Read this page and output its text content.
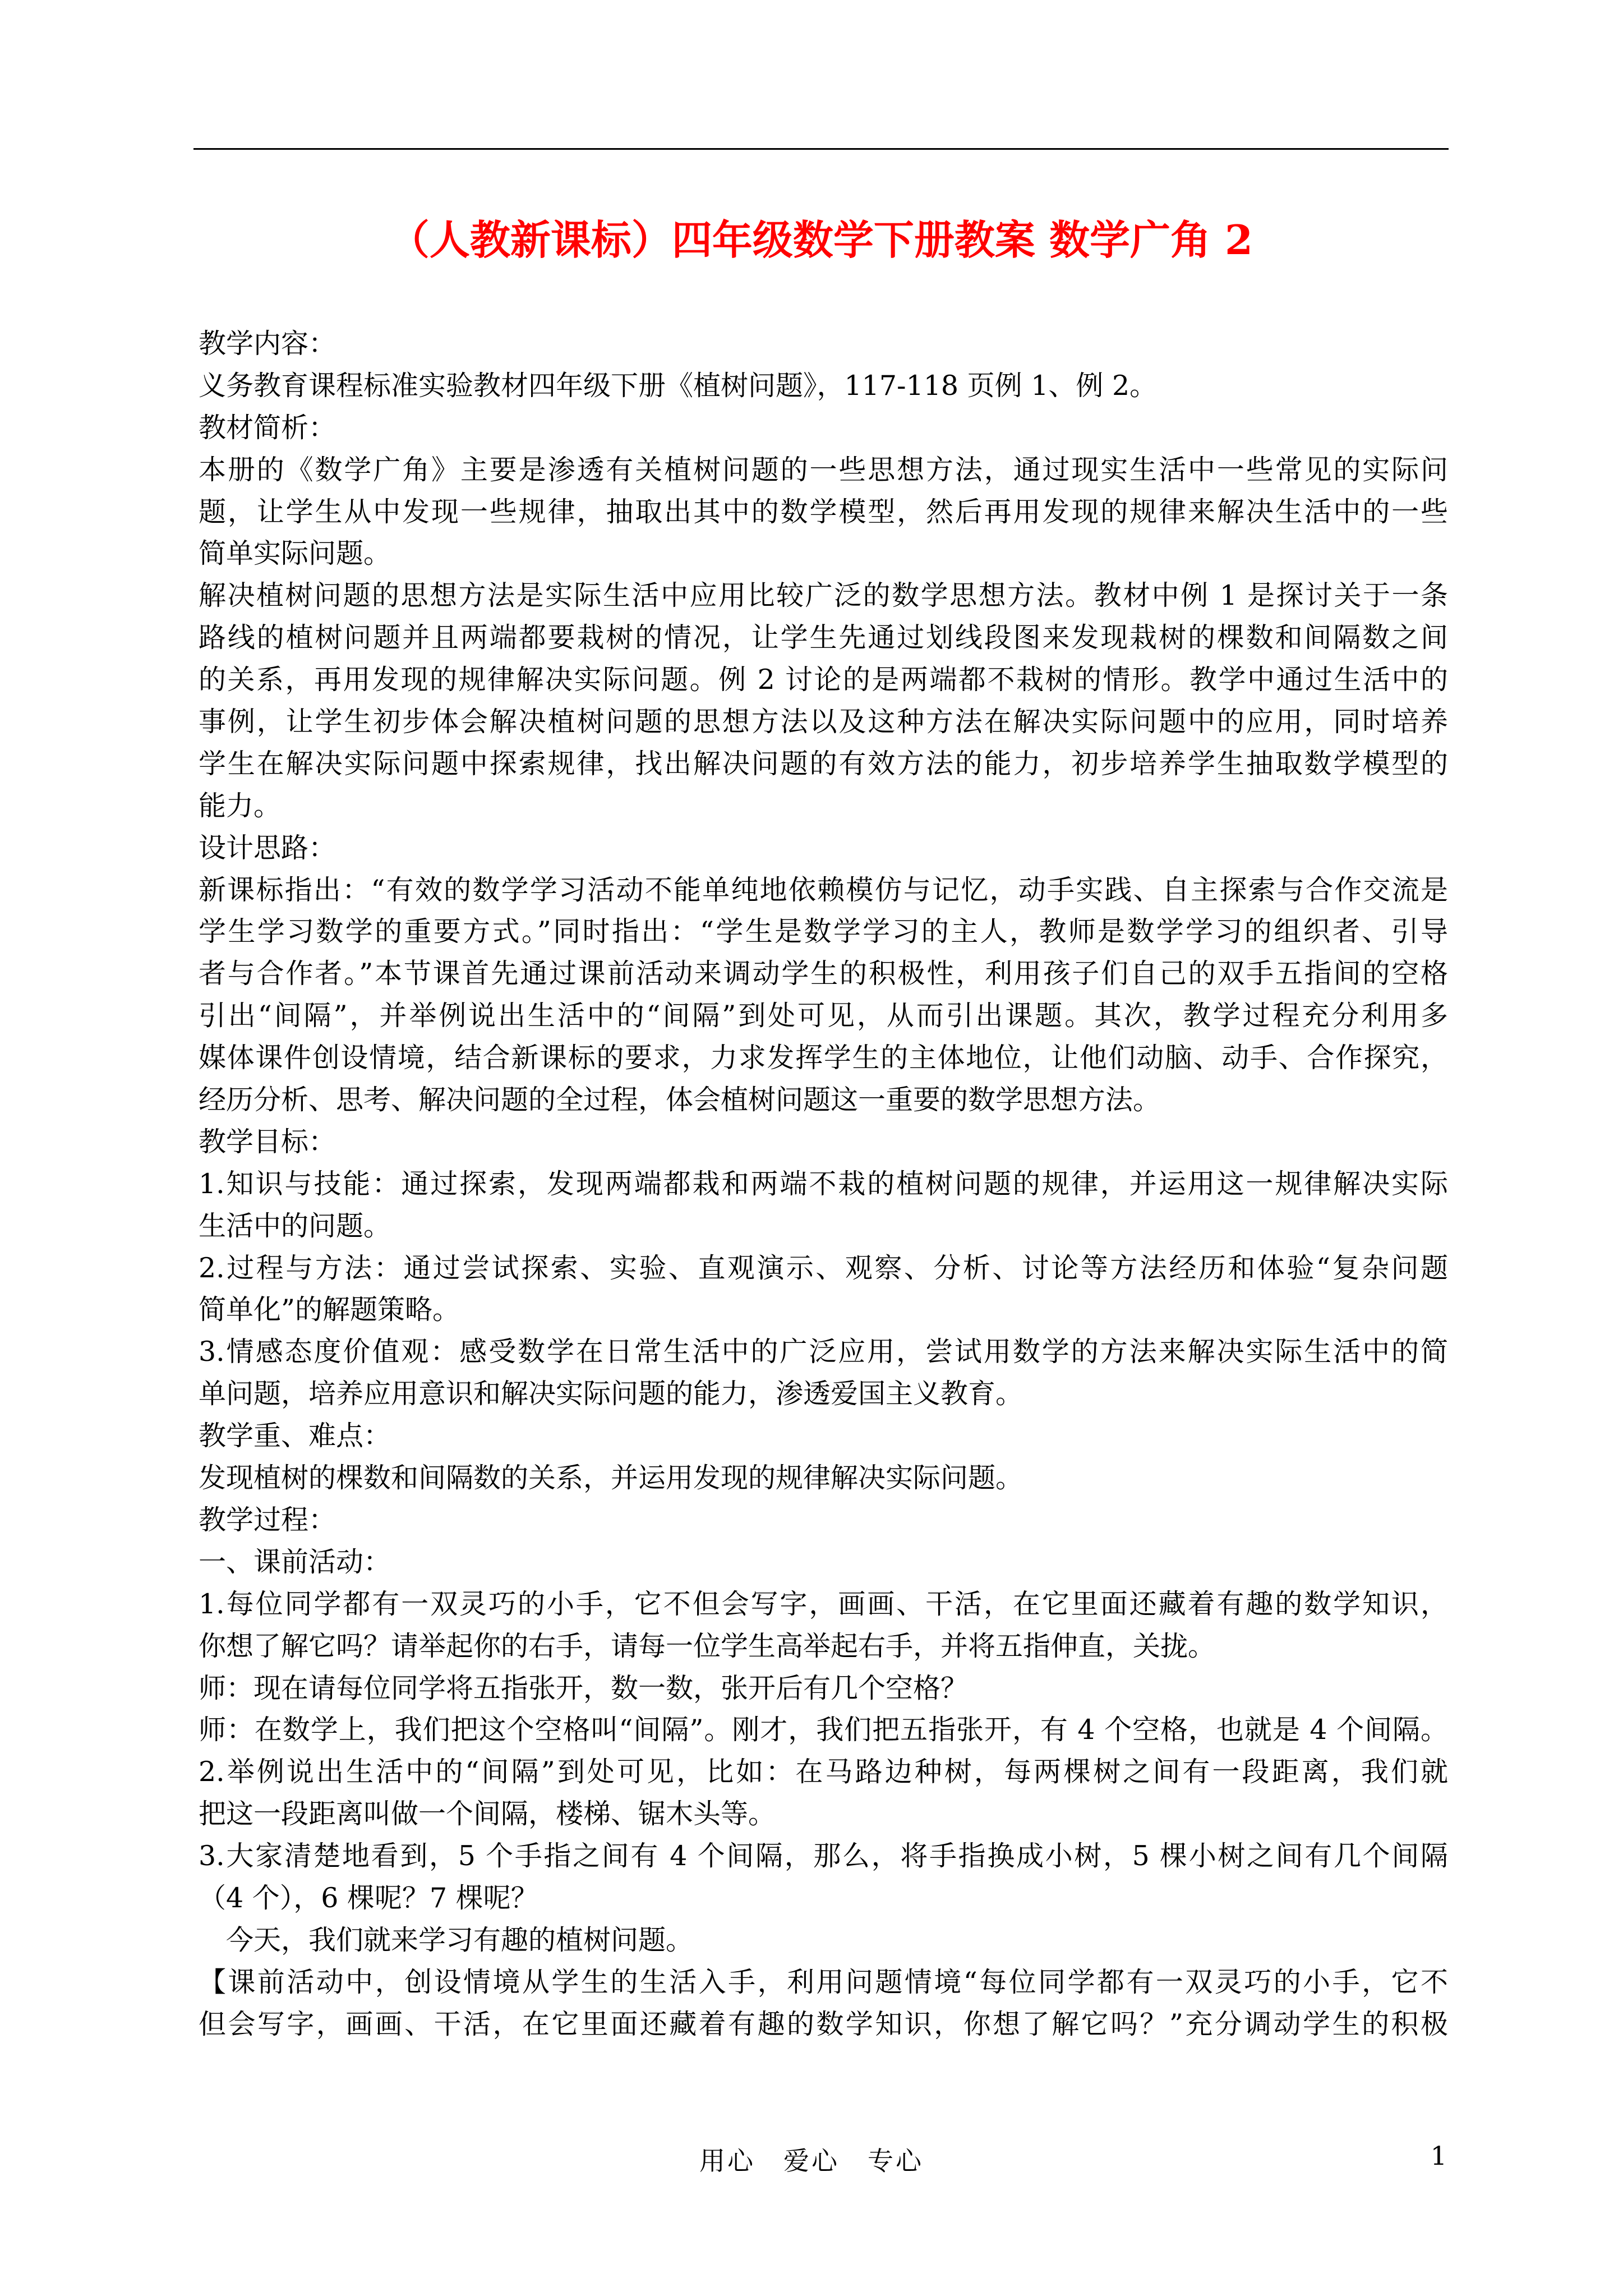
（人教新课标）四年级数学下册教案 数学广角 2
教学内容：
义务教育课程标准实验教材四年级下册《植树问题》，117-118 页例 1、例 2。
教材简析：
本册的《数学广角》主要是渗透有关植树问题的一些思想方法，通过现实生活中一些常见的实际问
题，让学生从中发现一些规律，抽取出其中的数学模型，然后再用发现的规律来解决生活中的一些
简单实际问题。
解决植树问题的思想方法是实际生活中应用比较广泛的数学思想方法。教材中例 1 是探讨关于一条
路线的植树问题并且两端都要栽树的情况，让学生先通过划线段图来发现栽树的棵数和间隔数之间
的关系，再用发现的规律解决实际问题。例 2 讨论的是两端都不栽树的情形。教学中通过生活中的
事例，让学生初步体会解决植树问题的思想方法以及这种方法在解决实际问题中的应用，同时培养
学生在解决实际问题中探索规律，找出解决问题的有效方法的能力，初步培养学生抽取数学模型的
能力。
设计思路：
新课标指出：“有效的数学学习活动不能单纯地依赖模仿与记忆，动手实践、自主探索与合作交流是
学生学习数学的重要方式。”同时指出：“学生是数学学习的主人，教师是数学学习的组织者、引导
者与合作者。”本节课首先通过课前活动来调动学生的积极性，利用孩子们自己的双手五指间的空格
引出“间隔”，并举例说出生活中的“间隔”到处可见，从而引出课题。其次，教学过程充分利用多
媒体课件创设情境，结合新课标的要求，力求发挥学生的主体地位，让他们动脑、动手、合作探究，
经历分析、思考、解决问题的全过程，体会植树问题这一重要的数学思想方法。
教学目标：
1.知识与技能：通过探索，发现两端都栽和两端不栽的植树问题的规律，并运用这一规律解决实际
生活中的问题。
2.过程与方法：通过尝试探索、实验、直观演示、观察、分析、讨论等方法经历和体验“复杂问题
简单化”的解题策略。
3.情感态度价值观：感受数学在日常生活中的广泛应用，尝试用数学的方法来解决实际生活中的简
单问题，培养应用意识和解决实际问题的能力，渗透爱国主义教育。
教学重、难点：
发现植树的棵数和间隔数的关系，并运用发现的规律解决实际问题。
教学过程：
一、课前活动：
1.每位同学都有一双灵巧的小手，它不但会写字，画画、干活，在它里面还藏着有趣的数学知识，
你想了解它吗？请举起你的右手，请每一位学生高举起右手，并将五指伸直，关拢。
师：现在请每位同学将五指张开，数一数，张开后有几个空格？
师：在数学上，我们把这个空格叫“间隔”。刚才，我们把五指张开，有 4 个空格，也就是 4 个间隔。
2.举例说出生活中的“间隔”到处可见，比如：在马路边种树，每两棵树之间有一段距离，我们就
把这一段距离叫做一个间隔，楼梯、锯木头等。
3.大家清楚地看到，5 个手指之间有 4 个间隔，那么，将手指换成小树，5 棵小树之间有几个间隔
（4 个），6 棵呢？7 棵呢？
　今天，我们就来学习有趣的植树问题。
【课前活动中，创设情境从学生的生活入手，利用问题情境“每位同学都有一双灵巧的小手，它不
但会写字，画画、干活，在它里面还藏着有趣的数学知识，你想了解它吗？”充分调动学生的积极
用心　爱心　专心	1
